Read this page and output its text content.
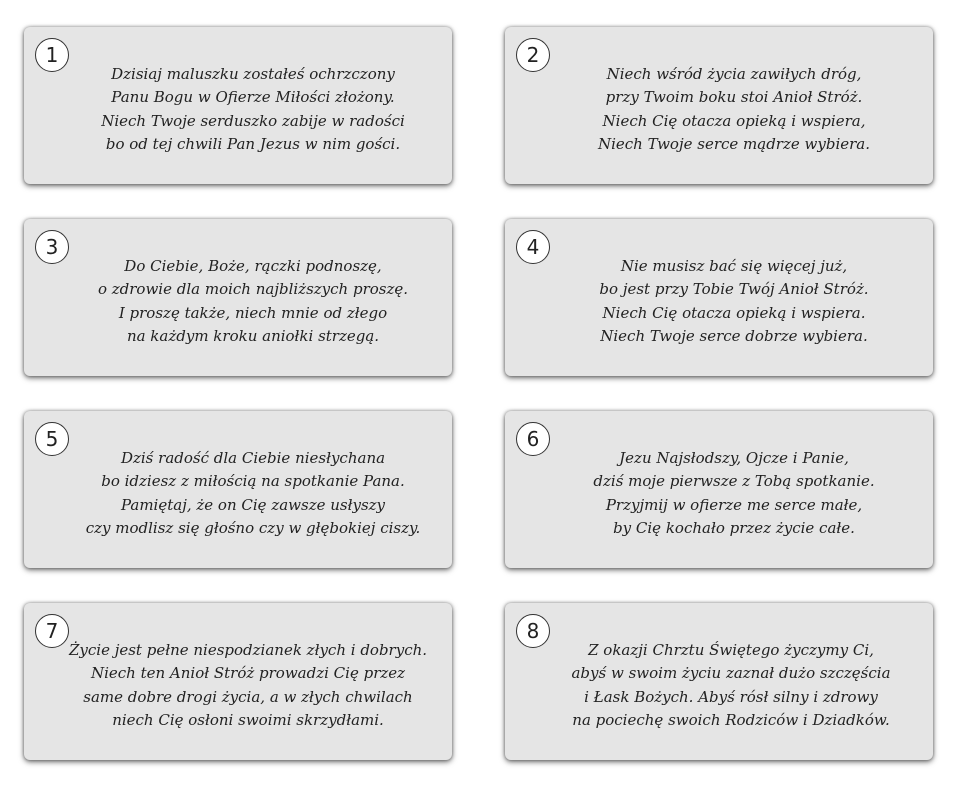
1
Dzisiaj maluszku zostałeś ochrzczony
Panu Bogu w Ofierze Miłości złożony.
Niech Twoje serduszko zabije w radości
bo od tej chwili Pan Jezus w nim gości.
2
Niech wśród życia zawiłych dróg,
przy Twoim boku stoi Anioł Stróż.
Niech Cię otacza opieką i wspiera,
Niech Twoje serce mądrze wybiera.
3
Do Ciebie, Boże, rączki podnoszę,
o zdrowie dla moich najbliższych proszę.
I proszę także, niech mnie od złego
na każdym kroku aniołki strzegą.
4
Nie musisz bać się więcej już,
bo jest przy Tobie Twój Anioł Stróż.
Niech Cię otacza opieką i wspiera.
Niech Twoje serce dobrze wybiera.
5
Dziś radość dla Ciebie niesłychana
bo idziesz z miłością na spotkanie Pana.
Pamiętaj, że on Cię zawsze usłyszy
czy modlisz się głośno czy w głębokiej ciszy.
6
Jezu Najsłodszy, Ojcze i Panie,
dziś moje pierwsze z Tobą spotkanie.
Przyjmij w ofierze me serce małe,
by Cię kochało przez życie całe.
7
Życie jest pełne niespodzianek złych i dobrych.
Niech ten Anioł Stróż prowadzi Cię przez
same dobre drogi życia, a w złych chwilach
niech Cię osłoni swoimi skrzydłami.
8
Z okazji Chrztu Świętego życzymy Ci,
abyś w swoim życiu zaznał dużo szczęścia
i Łask Bożych. Abyś rósł silny i zdrowy
na pociechę swoich Rodziców i Dziadków.
